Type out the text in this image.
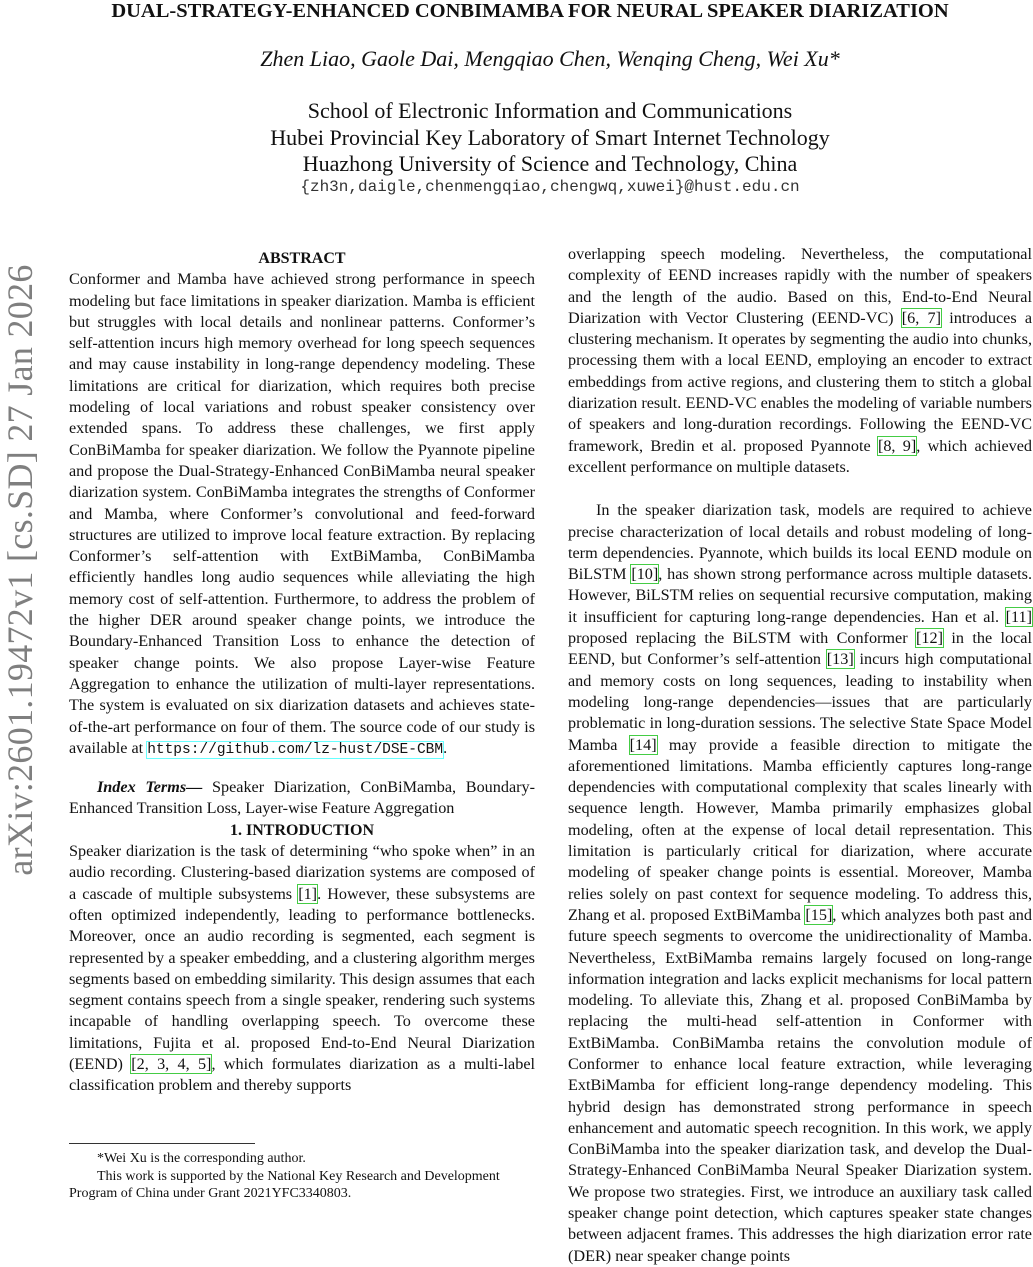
arXiv:2601.19472v1 [cs.SD] 27 Jan 2026
DUAL-STRATEGY-ENHANCED CONBIMAMBA FOR NEURAL SPEAKER DIARIZATION
Zhen Liao, Gaole Dai, Mengqiao Chen, Wenqing Cheng, Wei Xu*
School of Electronic Information and Communications
Hubei Provincial Key Laboratory of Smart Internet Technology
Huazhong University of Science and Technology, China
{zh3n,daigle,chenmengqiao,chengwq,xuwei}@hust.edu.cn

ABSTRACT

Conformer and Mamba have achieved strong performance in speech modeling but face limitations in speaker diarization. Mamba is efficient but struggles with local details and nonlinear patterns. Conformer’s self-attention incurs high memory overhead for long speech sequences and may cause instability in long-range dependency modeling. These limitations are critical for diarization, which requires both precise modeling of local variations and robust speaker consistency over extended spans. To address these challenges, we first apply ConBiMamba for speaker diarization. We follow the Pyannote pipeline and propose the Dual-Strategy-Enhanced ConBiMamba neural speaker diarization system. ConBiMamba integrates the strengths of Conformer and Mamba, where Conformer’s convolutional and feed-forward structures are utilized to improve local feature extraction. By replacing Conformer’s self-attention with ExtBiMamba, ConBiMamba efficiently handles long audio sequences while alleviating the high memory cost of self-attention. Furthermore, to address the problem of the higher DER around speaker change points, we introduce the Boundary-Enhanced Transition Loss to enhance the detection of speaker change points. We also propose Layer-wise Feature Aggregation to enhance the utilization of multi-layer representations. The system is evaluated on six diarization datasets and achieves state-of-the-art performance on four of them. The source code of our study is available at https://github.com/lz-hust/DSE-CBM.

Index Terms— Speaker Diarization, ConBiMamba, Boundary-Enhanced Transition Loss, Layer-wise Feature Aggregation

1. INTRODUCTION

Speaker diarization is the task of determining “who spoke when” in an audio recording. Clustering-based diarization systems are composed of a cascade of multiple subsystems [1]. However, these subsystems are often optimized independently, leading to performance bottlenecks. Moreover, once an audio recording is segmented, each segment is represented by a speaker embedding, and a clustering algorithm merges segments based on embedding similarity. This design assumes that each segment contains speech from a single speaker, rendering such systems incapable of handling overlapping speech. To overcome these limitations, Fujita et al. proposed End-to-End Neural Diarization (EEND) [2, 3, 4, 5], which formulates diarization as a multi-label classification problem and thereby supports

*Wei Xu is the corresponding author.

This work is supported by the National Key Research and Development Program of China under Grant 2021YFC3340803.

overlapping speech modeling. Nevertheless, the computational complexity of EEND increases rapidly with the number of speakers and the length of the audio. Based on this, End-to-End Neural Diarization with Vector Clustering (EEND-VC) [6, 7] introduces a clustering mechanism. It operates by segmenting the audio into chunks, processing them with a local EEND, employing an encoder to extract embeddings from active regions, and clustering them to stitch a global diarization result. EEND-VC enables the modeling of variable numbers of speakers and long-duration recordings. Following the EEND-VC framework, Bredin et al. proposed Pyannote [8, 9], which achieved excellent performance on multiple datasets.

In the speaker diarization task, models are required to achieve precise characterization of local details and robust modeling of long-term dependencies. Pyannote, which builds its local EEND module on BiLSTM [10], has shown strong performance across multiple datasets. However, BiLSTM relies on sequential recursive computation, making it insufficient for capturing long-range dependencies. Han et al. [11] proposed replacing the BiLSTM with Conformer [12] in the local EEND, but Conformer’s self-attention [13] incurs high computational and memory costs on long sequences, leading to instability when modeling long-range dependencies—issues that are particularly problematic in long-duration sessions. The selective State Space Model Mamba [14] may provide a feasible direction to mitigate the aforementioned limitations. Mamba efficiently captures long-range dependencies with computational complexity that scales linearly with sequence length. However, Mamba primarily emphasizes global modeling, often at the expense of local detail representation. This limitation is particularly critical for diarization, where accurate modeling of speaker change points is essential. Moreover, Mamba relies solely on past context for sequence modeling. To address this, Zhang et al. proposed ExtBiMamba [15], which analyzes both past and future speech segments to overcome the unidirectionality of Mamba. Nevertheless, ExtBiMamba remains largely focused on long-range information integration and lacks explicit mechanisms for local pattern modeling. To alleviate this, Zhang et al. proposed ConBiMamba by replacing the multi-head self-attention in Conformer with ExtBiMamba. ConBiMamba retains the convolution module of Conformer to enhance local feature extraction, while leveraging ExtBiMamba for efficient long-range dependency modeling. This hybrid design has demonstrated strong performance in speech enhancement and automatic speech recognition. In this work, we apply ConBiMamba into the speaker diarization task, and develop the Dual-Strategy-Enhanced ConBiMamba Neural Speaker Diarization system. We propose two strategies. First, we introduce an auxiliary task called speaker change point detection, which captures speaker state changes between adjacent frames. This addresses the high diarization error rate (DER) near speaker change points
